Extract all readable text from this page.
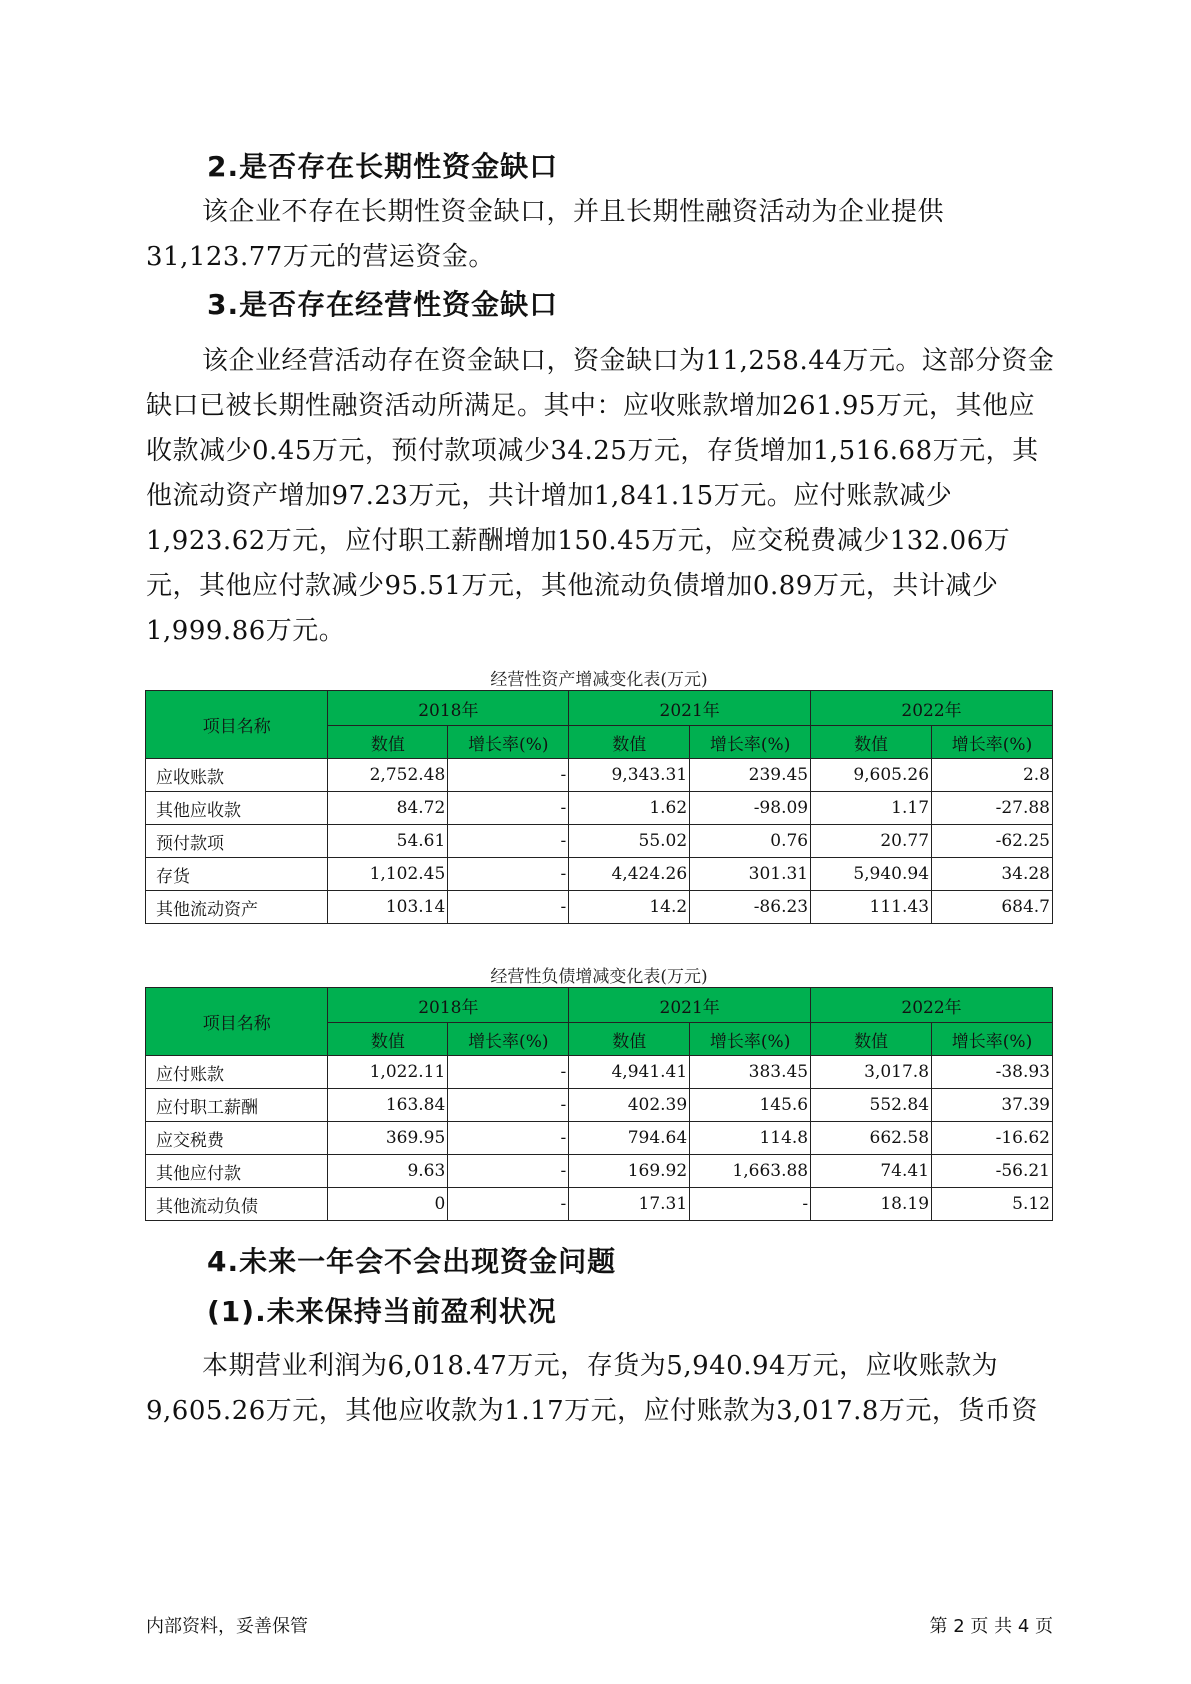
2.是否存在长期性资金缺口

该企业不存在长期性资金缺口，并且长期性融资活动为企业提供31,123.77万元的营运资金。

3.是否存在经营性资金缺口

该企业经营活动存在资金缺口，资金缺口为11,258.44万元。这部分资金缺口已被长期性融资活动所满足。其中：应收账款增加261.95万元，其他应收款减少0.45万元，预付款项减少34.25万元，存货增加1,516.68万元，其他流动资产增加97.23万元，共计增加1,841.15万元。应付账款减少1,923.62万元，应付职工薪酬增加150.45万元，应交税费减少132.06万元，其他应付款减少95.51万元，其他流动负债增加0.89万元，共计减少1,999.86万元。

经营性资产增减变化表(万元)
项目名称	2018年		2021年		2022年	
	数值	增长率(%)	数值	增长率(%)	数值	增长率(%)
应收账款	2,752.48	-	9,343.31	239.45	9,605.26	2.8
其他应收款	84.72	-	1.62	-98.09	1.17	-27.88
预付款项	54.61	-	55.02	0.76	20.77	-62.25
存货	1,102.45	-	4,424.26	301.31	5,940.94	34.28
其他流动资产	103.14	-	14.2	-86.23	111.43	684.7
经营性负债增减变化表(万元)
项目名称	2018年		2021年		2022年	
	数值	增长率(%)	数值	增长率(%)	数值	增长率(%)
应付账款	1,022.11	-	4,941.41	383.45	3,017.8	-38.93
应付职工薪酬	163.84	-	402.39	145.6	552.84	37.39
应交税费	369.95	-	794.64	114.8	662.58	-16.62
其他应付款	9.63	-	169.92	1,663.88	74.41	-56.21
其他流动负债	0	-	17.31	-	18.19	5.12
4.未来一年会不会出现资金问题
(1).未来保持当前盈利状况

本期营业利润为6,018.47万元，存货为5,940.94万元，应收账款为9,605.26万元，其他应收款为1.17万元，应付账款为3,017.8万元，货币资

内部资料，妥善保管	第 2 页 共 4 页
